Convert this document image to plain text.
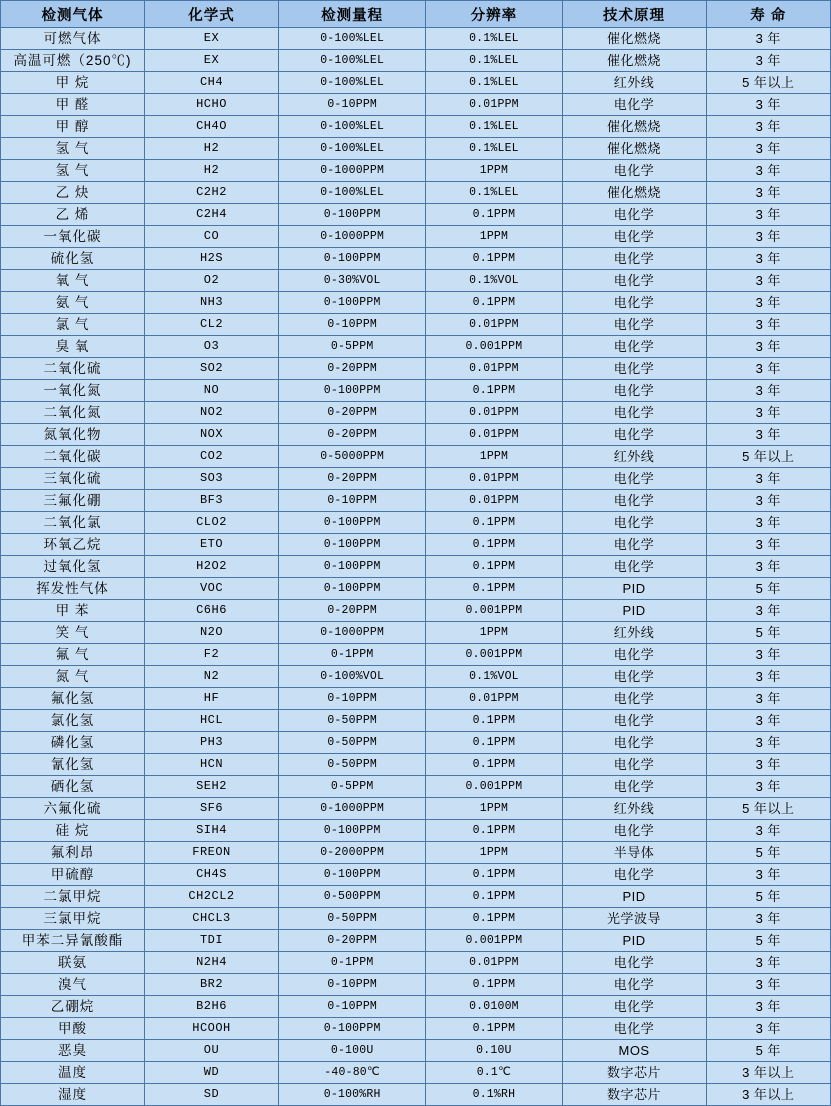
检测气体	化学式	检测量程	分辨率	技术原理	寿 命
可燃气体	EX	0-100%LEL	0.1%LEL	催化燃烧	3 年
高温可燃（250℃)	EX	0-100%LEL	0.1%LEL	催化燃烧	3 年
甲 烷	CH4	0-100%LEL	0.1%LEL	红外线	5 年以上
甲 醛	HCHO	0-10PPM	0.01PPM	电化学	3 年
甲 醇	CH4O	0-100%LEL	0.1%LEL	催化燃烧	3 年
氢 气	H2	0-100%LEL	0.1%LEL	催化燃烧	3 年
氢 气	H2	0-1000PPM	1PPM	电化学	3 年
乙 炔	C2H2	0-100%LEL	0.1%LEL	催化燃烧	3 年
乙 烯	C2H4	0-100PPM	0.1PPM	电化学	3 年
一氧化碳	CO	0-1000PPM	1PPM	电化学	3 年
硫化氢	H2S	0-100PPM	0.1PPM	电化学	3 年
氧 气	O2	0-30%VOL	0.1%VOL	电化学	3 年
氨 气	NH3	0-100PPM	0.1PPM	电化学	3 年
氯 气	CL2	0-10PPM	0.01PPM	电化学	3 年
臭 氧	O3	0-5PPM	0.001PPM	电化学	3 年
二氧化硫	SO2	0-20PPM	0.01PPM	电化学	3 年
一氧化氮	NO	0-100PPM	0.1PPM	电化学	3 年
二氧化氮	NO2	0-20PPM	0.01PPM	电化学	3 年
氮氧化物	NOX	0-20PPM	0.01PPM	电化学	3 年
二氧化碳	CO2	0-5000PPM	1PPM	红外线	5 年以上
三氧化硫	SO3	0-20PPM	0.01PPM	电化学	3 年
三氟化硼	BF3	0-10PPM	0.01PPM	电化学	3 年
二氧化氯	CLO2	0-100PPM	0.1PPM	电化学	3 年
环氧乙烷	ETO	0-100PPM	0.1PPM	电化学	3 年
过氧化氢	H2O2	0-100PPM	0.1PPM	电化学	3 年
挥发性气体	VOC	0-100PPM	0.1PPM	PID	5 年
甲 苯	C6H6	0-20PPM	0.001PPM	PID	3 年
笑 气	N2O	0-1000PPM	1PPM	红外线	5 年
氟 气	F2	0-1PPM	0.001PPM	电化学	3 年
氮 气	N2	0-100%VOL	0.1%VOL	电化学	3 年
氟化氢	HF	0-10PPM	0.01PPM	电化学	3 年
氯化氢	HCL	0-50PPM	0.1PPM	电化学	3 年
磷化氢	PH3	0-50PPM	0.1PPM	电化学	3 年
氰化氢	HCN	0-50PPM	0.1PPM	电化学	3 年
硒化氢	SEH2	0-5PPM	0.001PPM	电化学	3 年
六氟化硫	SF6	0-1000PPM	1PPM	红外线	5 年以上
硅 烷	SIH4	0-100PPM	0.1PPM	电化学	3 年
氟利昂	FREON	0-2000PPM	1PPM	半导体	5 年
甲硫醇	CH4S	0-100PPM	0.1PPM	电化学	3 年
二氯甲烷	CH2CL2	0-500PPM	0.1PPM	PID	5 年
三氯甲烷	CHCL3	0-50PPM	0.1PPM	光学波导	3 年
甲苯二异氰酸酯	TDI	0-20PPM	0.001PPM	PID	5 年
联氨	N2H4	0-1PPM	0.01PPM	电化学	3 年
溴气	BR2	0-10PPM	0.1PPM	电化学	3 年
乙硼烷	B2H6	0-10PPM	0.0100M	电化学	3 年
甲酸	HCOOH	0-100PPM	0.1PPM	电化学	3 年
恶臭	OU	0-100U	0.10U	MOS	5 年
温度	WD	-40-80℃	0.1℃	数字芯片	3 年以上
湿度	SD	0-100%RH	0.1%RH	数字芯片	3 年以上
